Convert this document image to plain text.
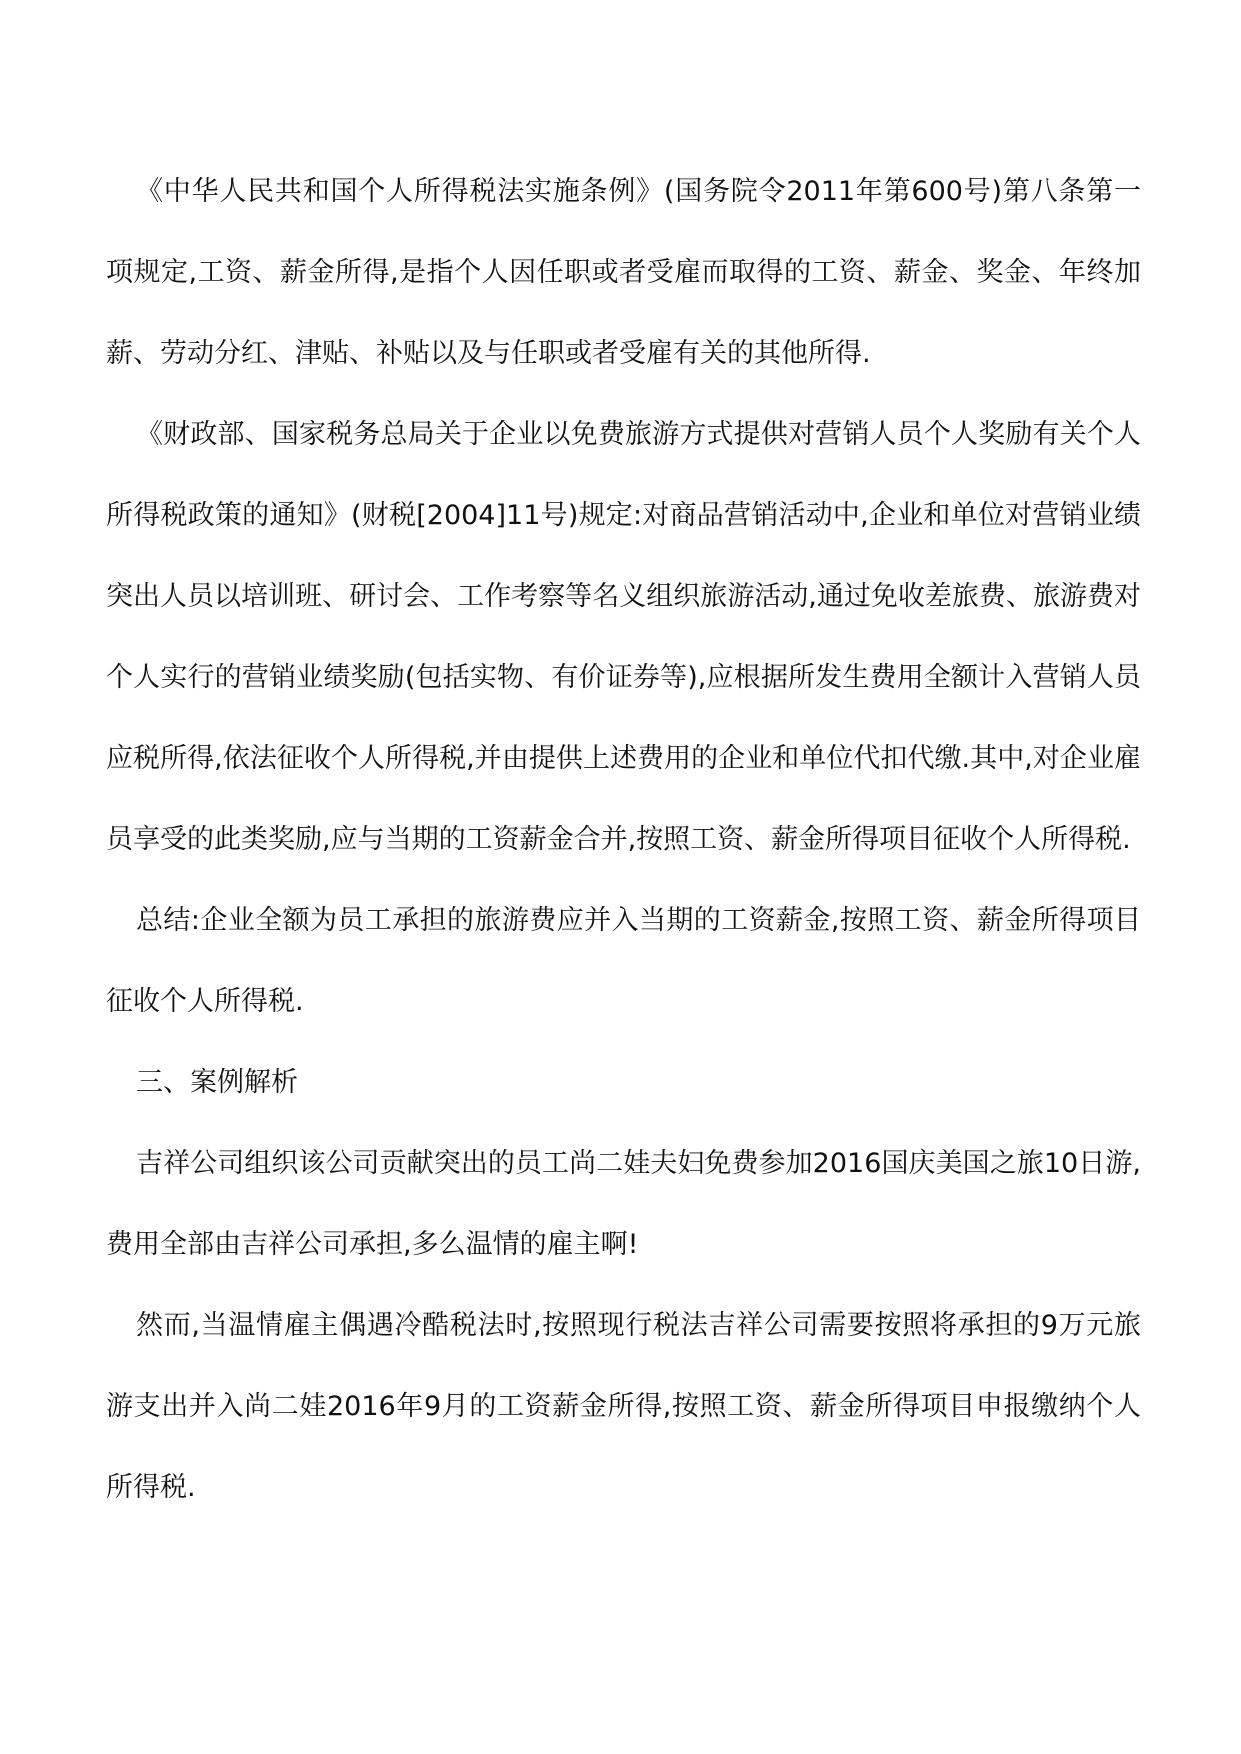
《中华人民共和国个人所得税法实施条例》(国务院令2011年第600号)第八条第一项规定,工资、薪金所得,是指个人因任职或者受雇而取得的工资、薪金、奖金、年终加薪、劳动分红、津贴、补贴以及与任职或者受雇有关的其他所得.

《财政部、国家税务总局关于企业以免费旅游方式提供对营销人员个人奖励有关个人所得税政策的通知》(财税[2004]11号)规定:对商品营销活动中,企业和单位对营销业绩突出人员以培训班、研讨会、工作考察等名义组织旅游活动,通过免收差旅费、旅游费对个人实行的营销业绩奖励(包括实物、有价证券等),应根据所发生费用全额计入营销人员应税所得,依法征收个人所得税,并由提供上述费用的企业和单位代扣代缴.其中,对企业雇员享受的此类奖励,应与当期的工资薪金合并,按照工资、薪金所得项目征收个人所得税.

总结:企业全额为员工承担的旅游费应并入当期的工资薪金,按照工资、薪金所得项目征收个人所得税.

三、案例解析

吉祥公司组织该公司贡献突出的员工尚二娃夫妇免费参加2016国庆美国之旅10日游,费用全部由吉祥公司承担,多么温情的雇主啊!

然而,当温情雇主偶遇冷酷税法时,按照现行税法吉祥公司需要按照将承担的9万元旅游支出并入尚二娃2016年9月的工资薪金所得,按照工资、薪金所得项目申报缴纳个人所得税.
